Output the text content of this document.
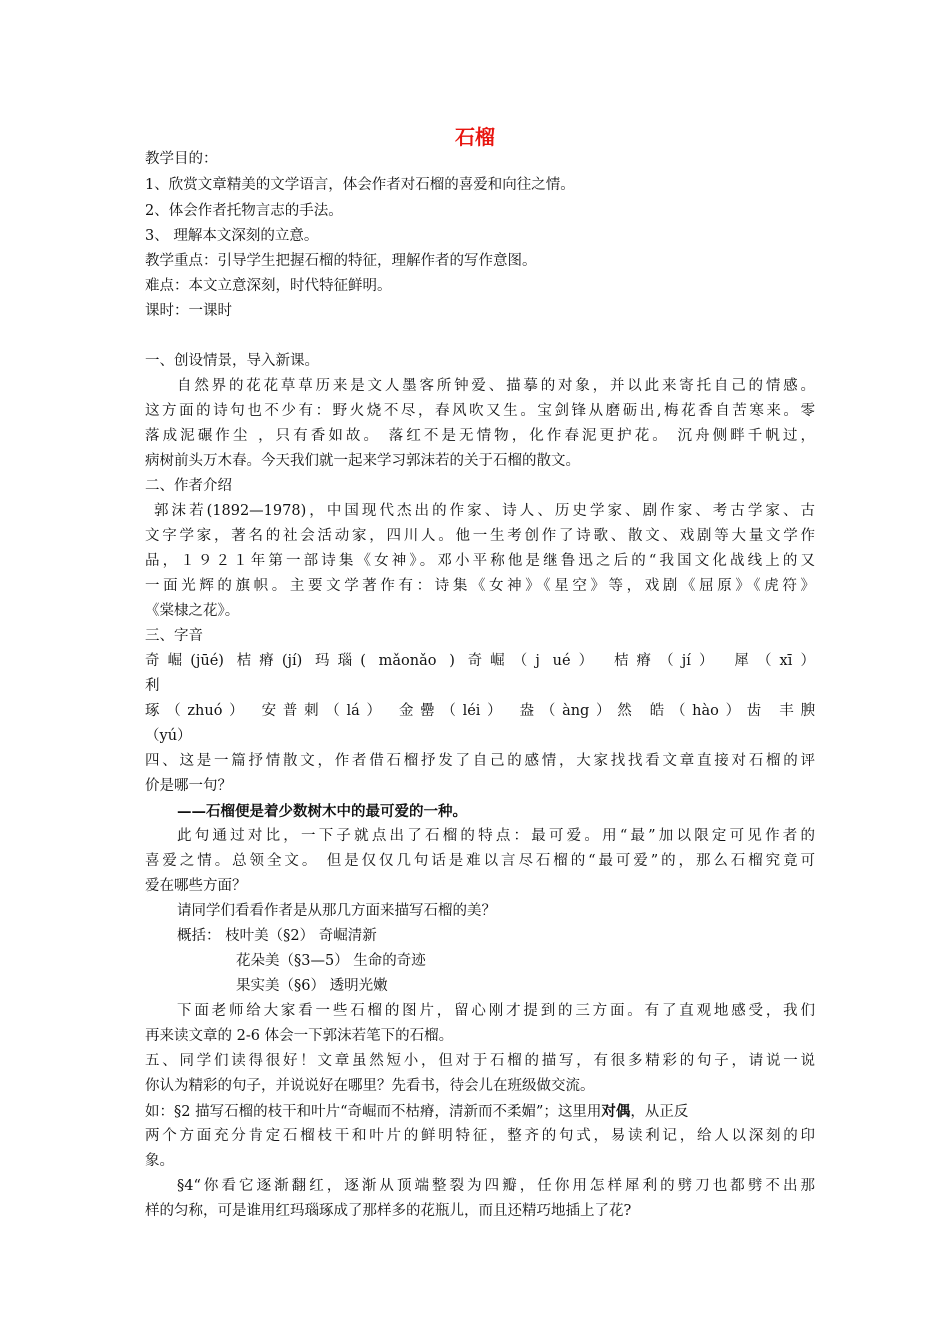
石榴
教学目的：
1、欣赏文章精美的文学语言，体会作者对石榴的喜爱和向往之情。
2、体会作者托物言志的手法。
3、 理解本文深刻的立意。
教学重点：引导学生把握石榴的特征，理解作者的写作意图。
难点：本文立意深刻，时代特征鲜明。
课时：一课时
一、创设情景，导入新课。
自然界的花花草草历来是文人墨客所钟爱、描摹的对象，并以此来寄托自己的情感。
这方面的诗句也不少有：野火烧不尽，春风吹又生。宝剑锋从磨砺出,梅花香自苦寒来。零
落成泥碾作尘 ，只有香如故。 落红不是无情物，化作春泥更护花。 沉舟侧畔千帆过，
病树前头万木春。今天我们就一起来学习郭沫若的关于石榴的散文。
二、作者介绍
郭沫若(1892—1978)，中国现代杰出的作家、诗人、历史学家、剧作家、考古学家、古
文字学家，著名的社会活动家，四川人。他一生考创作了诗歌、散文、戏剧等大量文学作
品，１９２１年第一部诗集《女神》。邓小平称他是继鲁迅之后的“我国文化战线上的又
一面光辉的旗帜。主要文学著作有：诗集《女神》《星空》等，戏剧《屈原》《虎符》
《棠棣之花》。
三、字音
奇崛(jūé) 桔瘠(jí) 玛瑙( mǎonǎo ) 奇崛（j ué） 桔瘠（jí） 犀（xī）
利
琢（zhuó） 安普刺（lá） 金罍（léi） 盎（àng）然 皓（hào）齿 丰腴
（yú）
四、这是一篇抒情散文，作者借石榴抒发了自己的感情，大家找找看文章直接对石榴的评
价是哪一句？
——石榴便是着少数树木中的最可爱的一种。
此句通过对比，一下子就点出了石榴的特点：最可爱。用“最”加以限定可见作者的
喜爱之情。总领全文。 但是仅仅几句话是难以言尽石榴的“最可爱”的，那么石榴究竟可
爱在哪些方面？
请同学们看看作者是从那几方面来描写石榴的美？
概括： 枝叶美（§2） 奇崛清新
花朵美（§3—5） 生命的奇迹
果实美（§6） 透明光嫩
下面老师给大家看一些石榴的图片，留心刚才提到的三方面。有了直观地感受，我们
再来读文章的 2-6 体会一下郭沫若笔下的石榴。
五、同学们读得很好！文章虽然短小，但对于石榴的描写，有很多精彩的句子，请说一说
你认为精彩的句子，并说说好在哪里？先看书，待会儿在班级做交流。
如：§2 描写石榴的枝干和叶片“奇崛而不枯瘠，清新而不柔媚”；这里用对偶，从正反
两个方面充分肯定石榴枝干和叶片的鲜明特征，整齐的句式，易读利记，给人以深刻的印
象。
§4“你看它逐渐翻红，逐渐从顶端整裂为四瓣，任你用怎样犀利的劈刀也都劈不出那
样的匀称，可是谁用红玛瑙琢成了那样多的花瓶儿，而且还精巧地插上了花?
